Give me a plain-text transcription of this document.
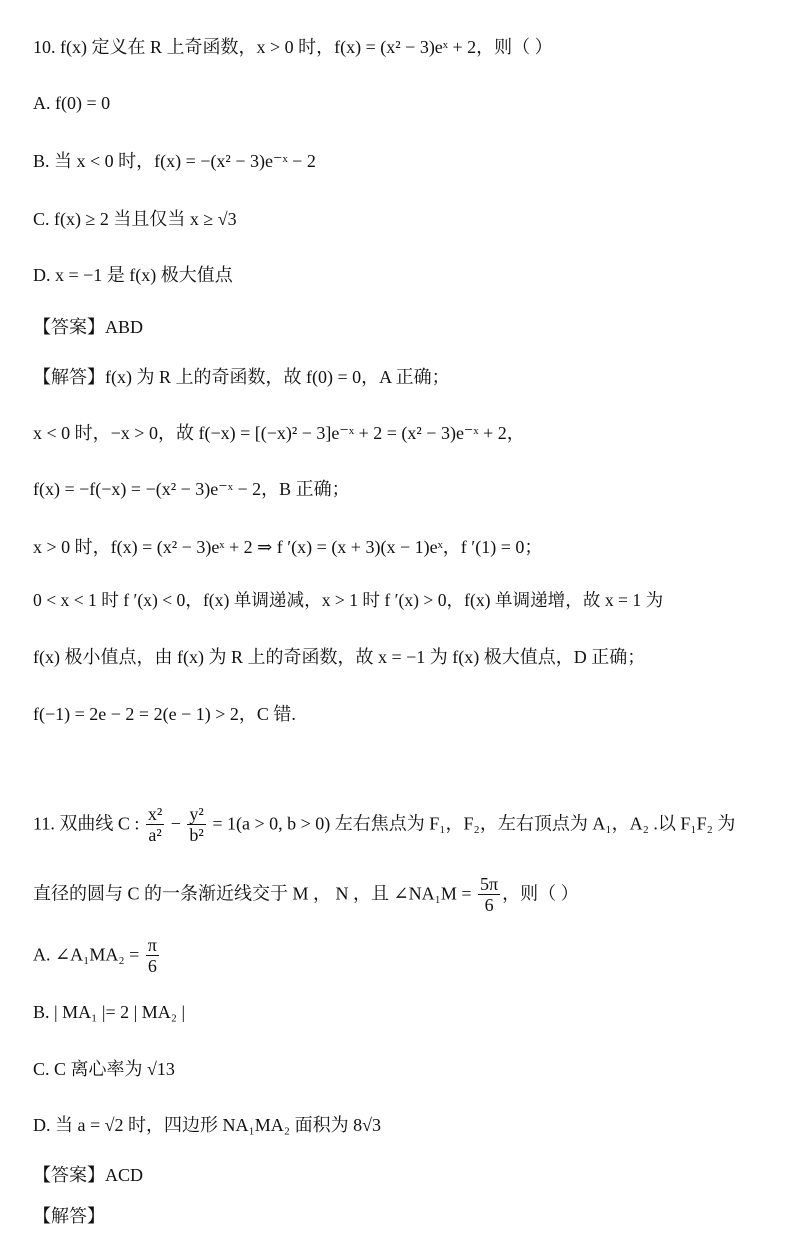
10. f(x) 定义在 R 上奇函数，x > 0 时，f(x) = (x² − 3)eˣ + 2，则（ ）
A. f(0) = 0
B. 当 x < 0 时，f(x) = −(x² − 3)e⁻ˣ − 2
C. f(x) ≥ 2 当且仅当 x ≥ √3
D. x = −1 是 f(x) 极大值点
【答案】ABD
【解答】f(x) 为 R 上的奇函数，故 f(0) = 0，A 正确；
x < 0 时，−x > 0，故 f(−x) = [(−x)² − 3]e⁻ˣ + 2 = (x² − 3)e⁻ˣ + 2，
f(x) = −f(−x) = −(x² − 3)e⁻ˣ − 2，B 正确；
x > 0 时，f(x) = (x² − 3)eˣ + 2 ⇒ f ′(x) = (x + 3)(x − 1)eˣ，f ′(1) = 0；
0 < x < 1 时 f ′(x) < 0，f(x) 单调递减，x > 1 时 f ′(x) > 0，f(x) 单调递增，故 x = 1 为
f(x) 极小值点，由 f(x) 为 R 上的奇函数，故 x = −1 为 f(x) 极大值点，D 正确；
f(−1) = 2e − 2 = 2(e − 1) > 2，C 错.
11. 双曲线 C : $\frac{\text{x²}}{\text{a²}} - \frac{\text{y²}}{\text{b²}} = 1(a > 0$, b > 0) 左右焦点为 F₁，F₂，左右顶点为 A₁，A₂ .以 F₁F₂ 为
直径的圆与 C 的一条渐近线交于 M ， N ，且 ∠NA₁M = $\frac{5\pi}{6}$ ，则（ ）
A. ∠A₁MA₂ = $\frac{\pi}{6}$
B. | MA₁ |= 2 | MA₂ |
C. C 离心率为 √13
D. 当 a = √2 时，四边形 NA₁MA₂ 面积为 8√3
【答案】ACD
【解答】
